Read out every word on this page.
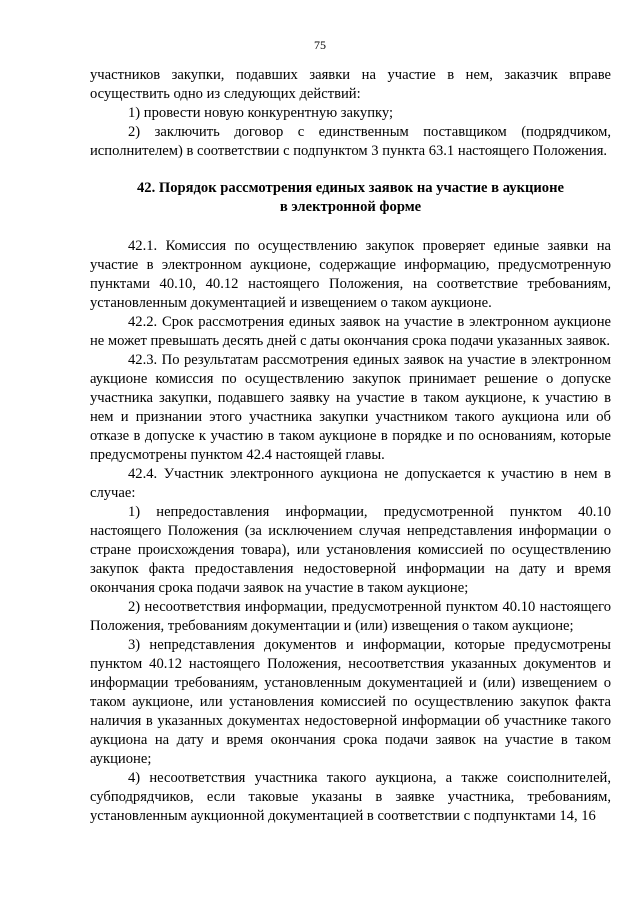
75

участников закупки, подавших заявки на участие в нем, заказчик вправе осуществить одно из следующих действий:

1) провести новую конкурентную закупку;

2) заключить договор с единственным поставщиком (подрядчиком, исполнителем) в соответствии с подпунктом 3 пункта 63.1 настоящего Положения.

42. Порядок рассмотрения единых заявок на участие в аукционе
в электронной форме

42.1. Комиссия по осуществлению закупок проверяет единые заявки на участие в электронном аукционе, содержащие информацию, предусмотренную пунктами 40.10, 40.12 настоящего Положения, на соответствие требованиям, установленным документацией и извещением о таком аукционе.

42.2. Срок рассмотрения единых заявок на участие в электронном аукционе не может превышать десять дней с даты окончания срока подачи указанных заявок.

42.3. По результатам рассмотрения единых заявок на участие в электронном аукционе комиссия по осуществлению закупок принимает решение о допуске участника закупки, подавшего заявку на участие в таком аукционе, к участию в нем и признании этого участника закупки участником такого аукциона или об отказе в допуске к участию в таком аукционе в порядке и по основаниям, которые предусмотрены пунктом 42.4 настоящей главы.

42.4. Участник электронного аукциона не допускается к участию в нем в случае:

1) непредоставления информации, предусмотренной пунктом 40.10 настоящего Положения (за исключением случая непредставления информации о стране происхождения товара), или установления комиссией по осуществлению закупок факта предоставления недостоверной информации на дату и время окончания срока подачи заявок на участие в таком аукционе;

2) несоответствия информации, предусмотренной пунктом 40.10 настоящего Положения, требованиям документации и (или) извещения о таком аукционе;

3) непредставления документов и информации, которые предусмотрены пунктом 40.12 настоящего Положения, несоответствия указанных документов и информации требованиям, установленным документацией и (или) извещением о таком аукционе, или установления комиссией по осуществлению закупок факта наличия в указанных документах недостоверной информации об участнике такого аукциона на дату и время окончания срока подачи заявок на участие в таком аукционе;

4) несоответствия участника такого аукциона, а также соисполнителей, субподрядчиков, если таковые указаны в заявке участника, требованиям, установленным аукционной документацией в соответствии с подпунктами 14, 16
